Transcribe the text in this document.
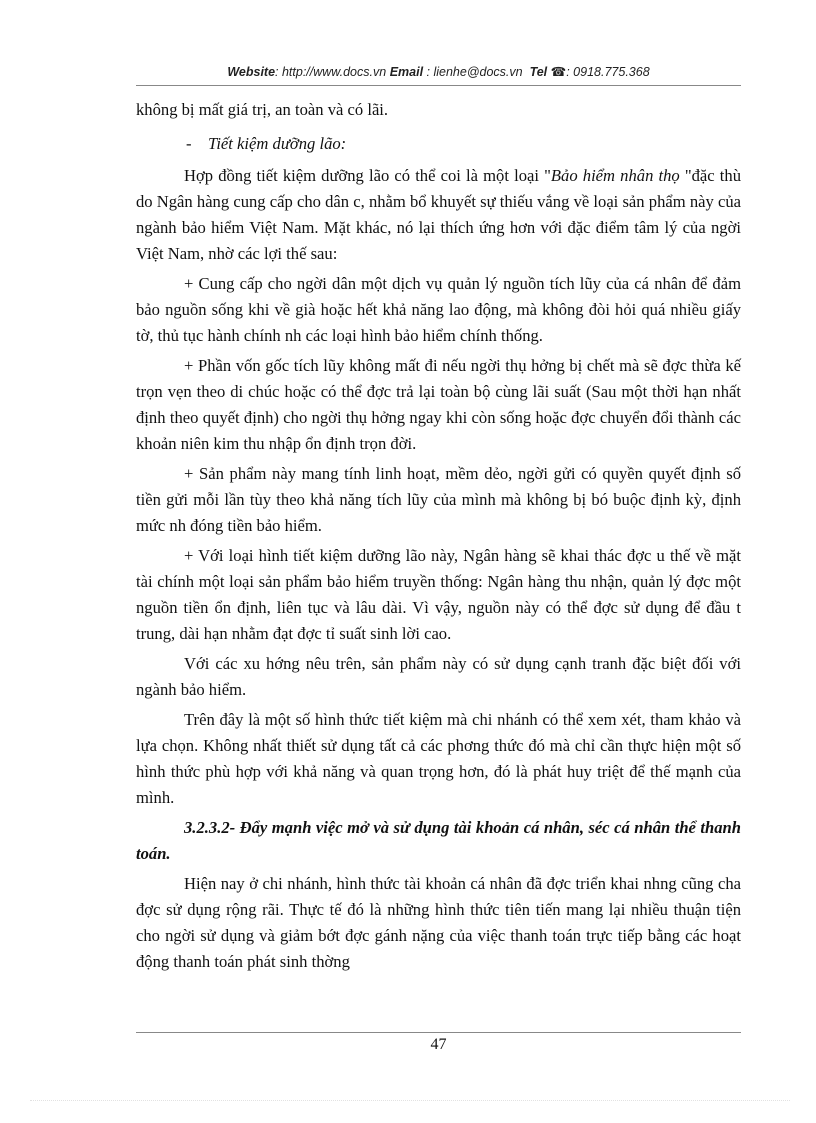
Website: http://www.docs.vn Email : lienhe@docs.vn Tel ☎: 0918.775.368

không bị mất giá trị, an toàn và có lãi.

- Tiết kiệm dưỡng lão:

Hợp đồng tiết kiệm dưỡng lão có thể coi là một loại "Bảo hiểm nhân thọ "đặc thù do Ngân hàng cung cấp cho dân c, nhằm bổ khuyết sự thiếu vắng về loại sản phẩm này của ngành bảo hiểm Việt Nam. Mặt khác, nó lại thích ứng hơn với đặc điểm tâm lý của ngời Việt Nam, nhờ các lợi thế sau:

+ Cung cấp cho ngời dân một dịch vụ quản lý nguồn tích lũy của cá nhân để đảm bảo nguồn sống khi về già hoặc hết khả năng lao động, mà không đòi hỏi quá nhiều giấy tờ, thủ tục hành chính nh các loại hình bảo hiểm chính thống.

+ Phần vốn gốc tích lũy không mất đi nếu ngời thụ hởng bị chết mà sẽ đợc thừa kế trọn vẹn theo di chúc hoặc có thể đợc trả lại toàn bộ cùng lãi suất (Sau một thời hạn nhất định theo quyết định) cho ngời thụ hởng ngay khi còn sống hoặc đợc chuyển đổi thành các khoản niên kim thu nhập ổn định trọn đời.

+ Sản phẩm này mang tính linh hoạt, mềm dẻo, ngời gửi có quyền quyết định số tiền gửi mỗi lần tùy theo khả năng tích lũy của mình mà không bị bó buộc định kỳ, định mức nh đóng tiền bảo hiểm.

+ Với loại hình tiết kiệm dưỡng lão này, Ngân hàng sẽ khai thác đợc u thế về mặt tài chính một loại sản phẩm bảo hiểm truyền thống: Ngân hàng thu nhận, quản lý đợc một nguồn tiền ổn định, liên tục và lâu dài. Vì vậy, nguồn này có thể đợc sử dụng để đầu t trung, dài hạn nhằm đạt đợc tỉ suất sinh lời cao.

Với các xu hớng nêu trên, sản phẩm này có sử dụng cạnh tranh đặc biệt đối với ngành bảo hiểm.

Trên đây là một số hình thức tiết kiệm mà chi nhánh có thể xem xét, tham khảo và lựa chọn. Không nhất thiết sử dụng tất cả các phơng thức đó mà chỉ cần thực hiện một số hình thức phù hợp với khả năng và quan trọng hơn, đó là phát huy triệt để thế mạnh của mình.

3.2.3.2- Đẩy mạnh việc mở và sử dụng tài khoản cá nhân, séc cá nhân thể thanh toán.

Hiện nay ở chi nhánh, hình thức tài khoản cá nhân đã đợc triển khai nhng cũng cha đợc sử dụng rộng rãi. Thực tế đó là những hình thức tiên tiến mang lại nhiều thuận tiện cho ngời sử dụng và giảm bớt đợc gánh nặng của việc thanh toán trực tiếp bằng các hoạt động thanh toán phát sinh thờng

47
